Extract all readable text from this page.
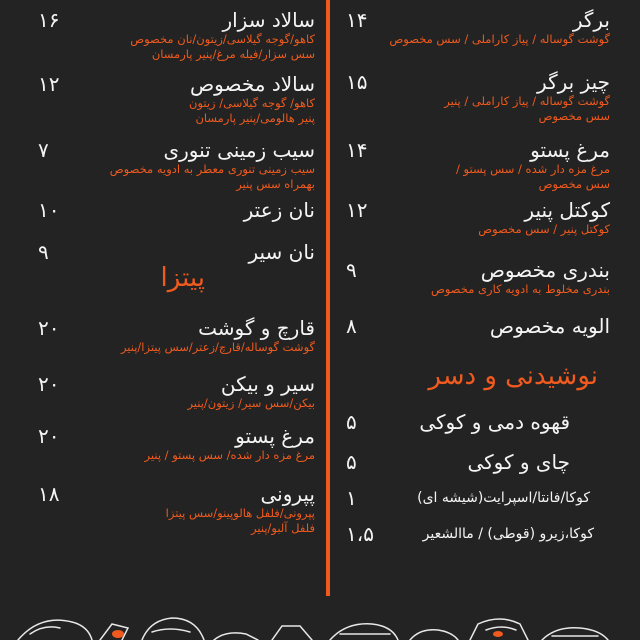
برگر
گوشت گوساله / پیاز کاراملی / سس مخصوص
۱۴
چیز برگر
گوشت گوساله / پیاز کاراملی / پنیر
سس مخصوص
۱۵
مرغ پستو
مرغ مزه دار شده / سس پستو /
سس مخصوص
۱۴
کوکتل پنیر
کوکتل پنیر / سس مخصوص
۱۲
بندری مخصوص
بندری مخلوط به ادویه کاری مخصوص
۹
الویه مخصوص
۸
نوشیدنی و دسر
قهوه دمی و کوکی
۵
چای و کوکی
۵
کوکا/فانتا/اسپرایت(شیشه ای)
۱
کوکا،زیرو (قوطی) / ماالشعیر
۱،۵
سالاد سزار
کاهو/گوجه گیلاسی/زیتون/نان مخصوص
سس سزار/فیله مرغ/پنیر پارمسان
۱۶
سالاد مخصوص
کاهو/ گوجه گیلاسی/ زیتون
پنیر هالومی/پنیر پارمسان
۱۲
سیب زمینی تنوری
سیب زمینی تنوری معطر به ادویه مخصوص
بهمراه سس پنیر
۷
نان زعتر
۱۰
نان سیر
۹
پیتزا
قارچ و گوشت
گوشت گوساله/قارچ/زعتر/سس پیتزا/پنیر
۲۰
سیر و بیکن
بیکن/سس سیر/ زیتون/پنیر
۲۰
مرغ پستو
مرغ مزه دار شده/ سس پستو / پنیر
۲۰
پپرونی
پپرونی/فلفل هالوپینو/سس پیتزا
فلفل آلبو/پنیر
۱۸
